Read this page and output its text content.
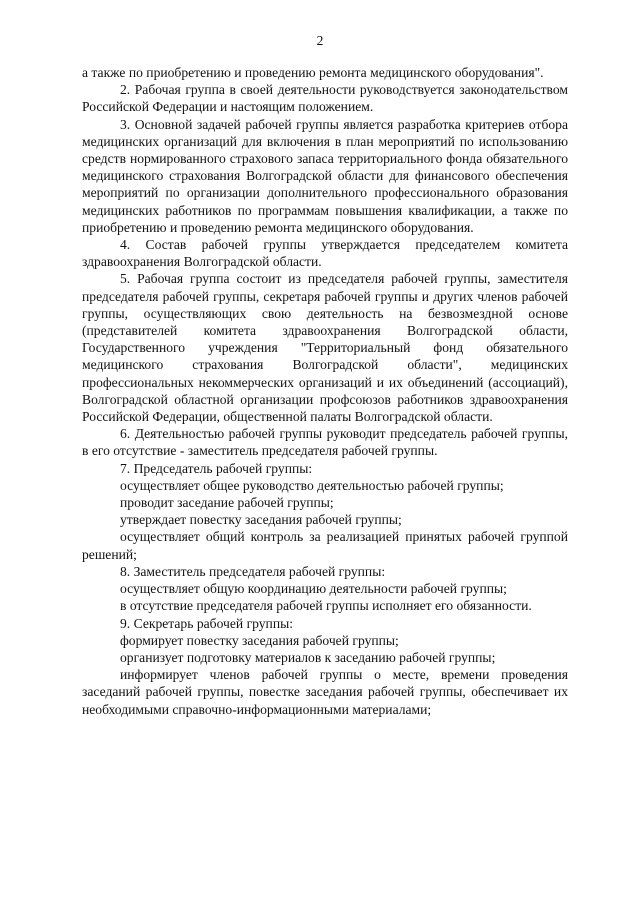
2

а также по приобретению и проведению ремонта медицинского оборудования".

2. Рабочая группа в своей деятельности руководствуется законодательством Российской Федерации и настоящим положением.

3. Основной задачей рабочей группы является разработка критериев отбора медицинских организаций для включения в план мероприятий по использованию средств нормированного страхового запаса территориального фонда обязательного медицинского страхования Волгоградской области для финансового обеспечения мероприятий по организации дополнительного профессионального образования медицинских работников по программам повышения квалификации, а также по приобретению и проведению ремонта медицинского оборудования.

4. Состав рабочей группы утверждается председателем комитета здравоохранения Волгоградской области.

5. Рабочая группа состоит из председателя рабочей группы, заместителя председателя рабочей группы, секретаря рабочей группы и других членов рабочей группы, осуществляющих свою деятельность на безвозмездной основе (представителей комитета здравоохранения Волгоградской области, Государственного учреждения "Территориальный фонд обязательного медицинского страхования Волгоградской области", медицинских профессиональных некоммерческих организаций и их объединений (ассоциаций), Волгоградской областной организации профсоюзов работников здравоохранения Российской Федерации, общественной палаты Волгоградской области.

6. Деятельностью рабочей группы руководит председатель рабочей группы, в его отсутствие - заместитель председателя рабочей группы.

7. Председатель рабочей группы:

осуществляет общее руководство деятельностью рабочей группы;

проводит заседание рабочей группы;

утверждает повестку заседания рабочей группы;

осуществляет общий контроль за реализацией принятых рабочей группой решений;

8. Заместитель председателя рабочей группы:

осуществляет общую координацию деятельности рабочей группы;

в отсутствие председателя рабочей группы исполняет его обязанности.

9. Секретарь рабочей группы:

формирует повестку заседания рабочей группы;

организует подготовку материалов к заседанию рабочей группы;

информирует членов рабочей группы о месте, времени проведения заседаний рабочей группы, повестке заседания рабочей группы, обеспечивает их необходимыми справочно-информационными материалами;
